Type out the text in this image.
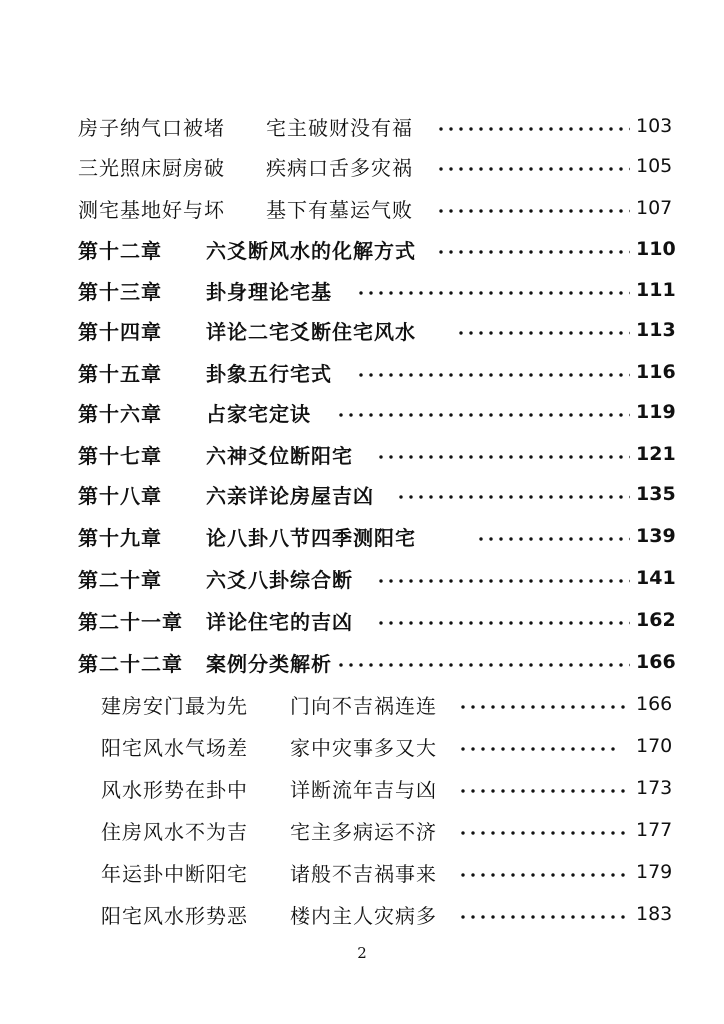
房子纳气口被堵 宅主破财没有福	103
三光照床厨房破 疾病口舌多灾祸	105
测宅基地好与坏 基下有墓运气败	107
第十二章 六爻断风水的化解方式	110
第十三章 卦身理论宅基	111
第十四章 详论二宅爻断住宅风水	113
第十五章 卦象五行宅式	116
第十六章 占家宅定诀	119
第十七章 六神爻位断阳宅	121
第十八章 六亲详论房屋吉凶	135
第十九章 论八卦八节四季测阳宅	139
第二十章 六爻八卦综合断	141
第二十一章 详论住宅的吉凶	162
第二十二章 案例分类解析	166
建房安门最为先 门向不吉祸连连	166
阳宅风水气场差 家中灾事多又大	170
风水形势在卦中 详断流年吉与凶	173
住房风水不为吉 宅主多病运不济	177
年运卦中断阳宅 诸般不吉祸事来	179
阳宅风水形势恶 楼内主人灾病多	183
2
